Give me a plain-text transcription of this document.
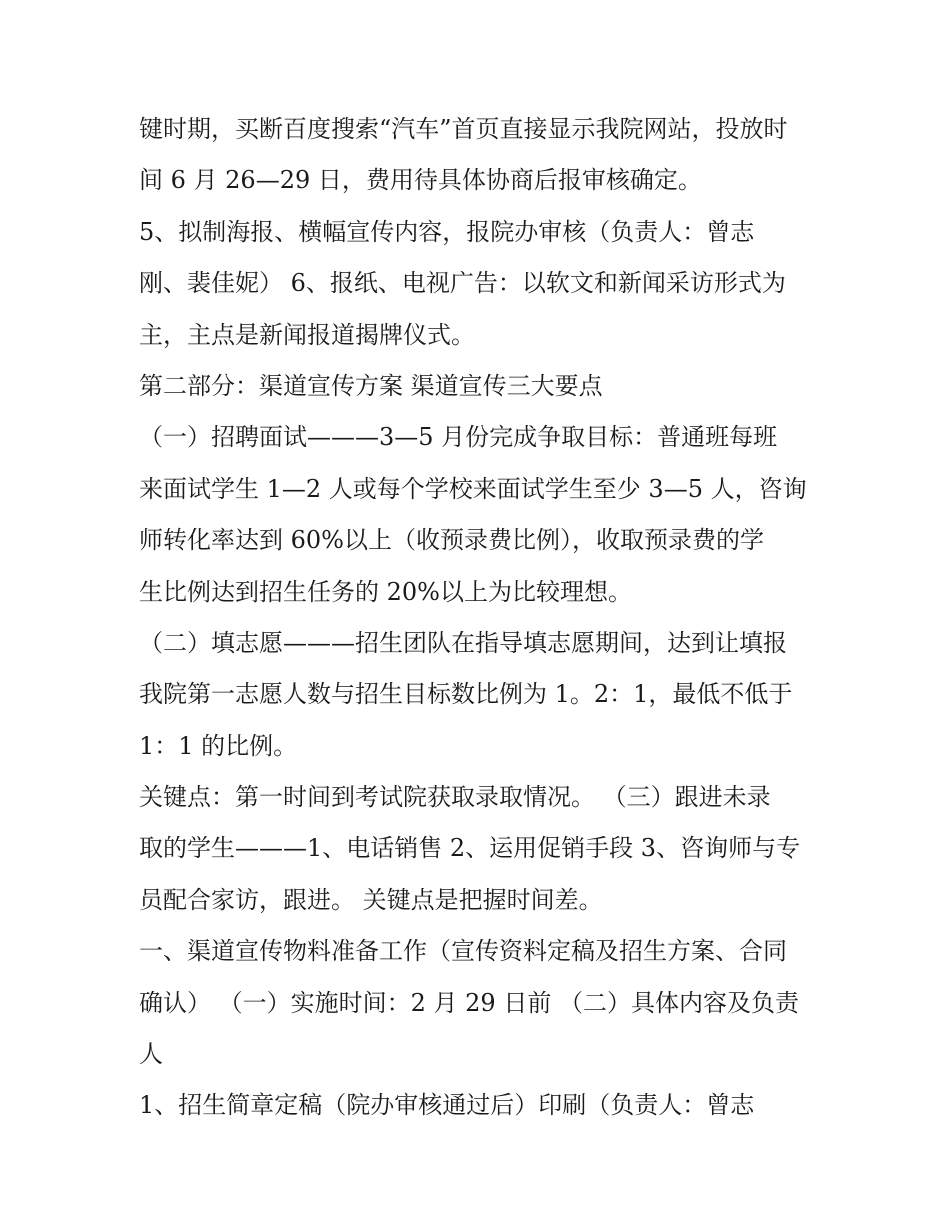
键时期，买断百度搜索“汽车”首页直接显示我院网站，投放时
间 6 月 26—29 日，费用待具体协商后报审核确定。
5、拟制海报、横幅宣传内容，报院办审核（负责人：曾志
刚、裴佳妮） 6、报纸、电视广告：以软文和新闻采访形式为
主，主点是新闻报道揭牌仪式。
第二部分：渠道宣传方案 渠道宣传三大要点
（一）招聘面试———3—5 月份完成争取目标：普通班每班
来面试学生 1—2 人或每个学校来面试学生至少 3—5 人，咨询
师转化率达到 60%以上（收预录费比例），收取预录费的学
生比例达到招生任务的 20%以上为比较理想。
（二）填志愿———招生团队在指导填志愿期间，达到让填报
我院第一志愿人数与招生目标数比例为 1。2：1，最低不低于
1：1 的比例。
关键点：第一时间到考试院获取录取情况。 （三）跟进未录
取的学生———1、电话销售 2、运用促销手段 3、咨询师与专
员配合家访，跟进。 关键点是把握时间差。
一、渠道宣传物料准备工作（宣传资料定稿及招生方案、合同
确认） （一）实施时间：2 月 29 日前 （二）具体内容及负责
人
1、招生简章定稿（院办审核通过后）印刷（负责人：曾志
